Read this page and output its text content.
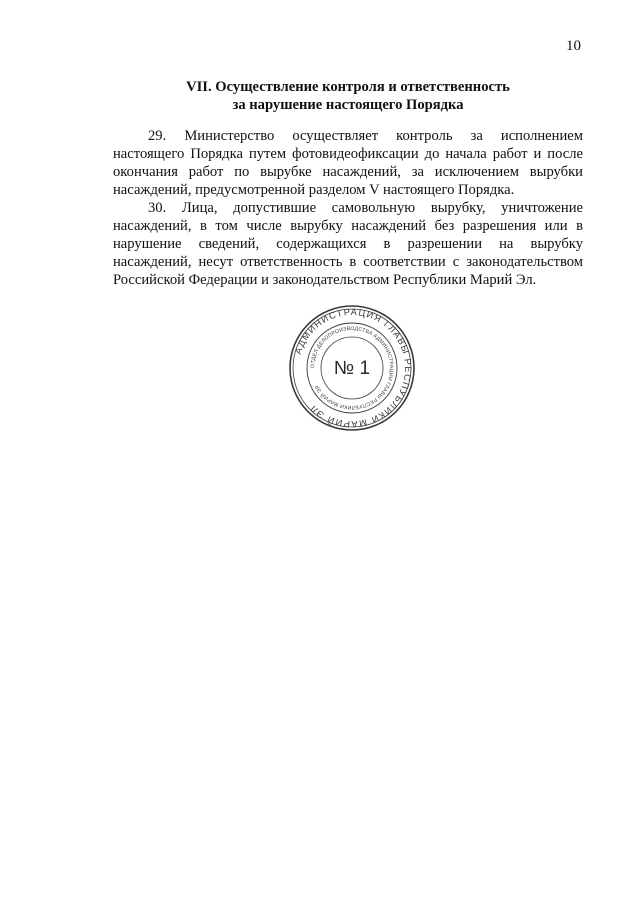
10
VII. Осуществление контроля и ответственность
за нарушение настоящего Порядка

29. Министерство осуществляет контроль за исполнением настоящего Порядка путем фотовидеофиксации до начала работ и после окончания работ по вырубке насаждений, за исключением вырубки насаждений, предусмотренной разделом V настоящего Порядка.

30. Лица, допустившие самовольную вырубку, уничтожение насаждений, в том числе вырубку насаждений без разрешения или в нарушение сведений, содержащихся в разрешении на вырубку насаждений, несут ответственность в соответствии с законодательством Российской Федерации и законодательством Республики Марий Эл.

АДМИНИСТРАЦИЯ ГЛАВЫ РЕСПУБЛИКИ МАРИЙ ЭЛ
ОТДЕЛ ДЕЛОПРОИЗВОДСТВА АДМИНИСТРАЦИИ ГЛАВЫ РЕСПУБЛИКИ МАРИЙ ЭЛ
№ 1
